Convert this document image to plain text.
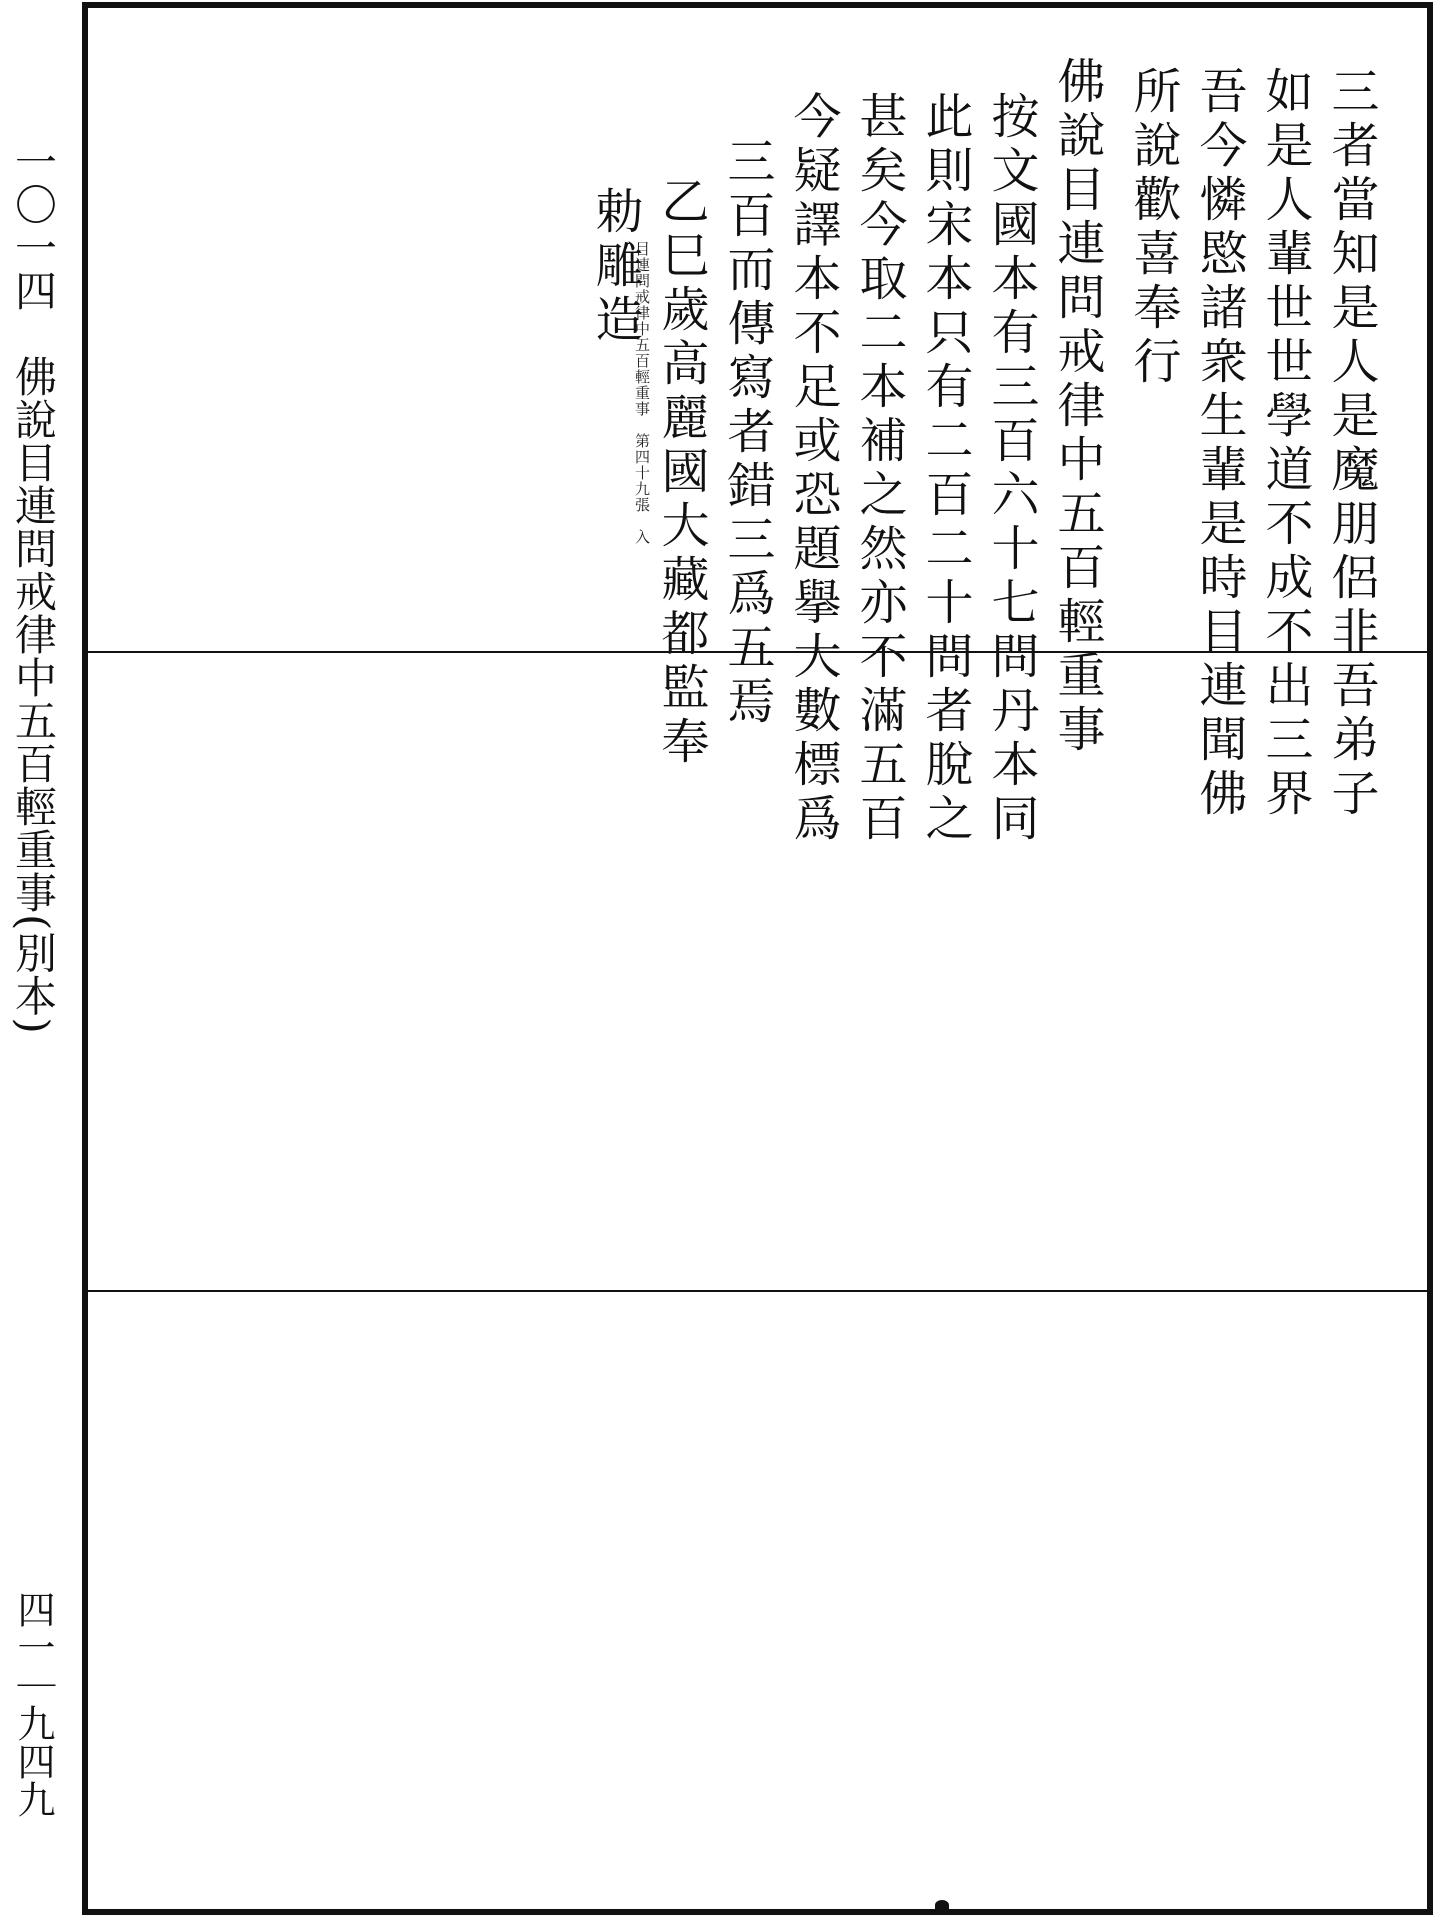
一〇一四　佛說目連問戒律中五百輕重事(別本)
四一｜九四九
三者當知是人是魔朋侶非吾弟子
如是人輩世世學道不成不出三界
吾今憐愍諸衆生輩是時目連聞佛
所說歡喜奉行
佛說目連問戒律中五百輕重事
按文國本有三百六十七問丹本同
此則宋本只有二百二十問者脫之
甚矣今取二本補之然亦不滿五百
今疑譯本不足或恐題擧大數標爲
三百而傳寫者錯三爲五焉
乙巳歲高麗國大藏都監奉
勅雕造
目連問戒律中五百輕重事　第四十九張　入
